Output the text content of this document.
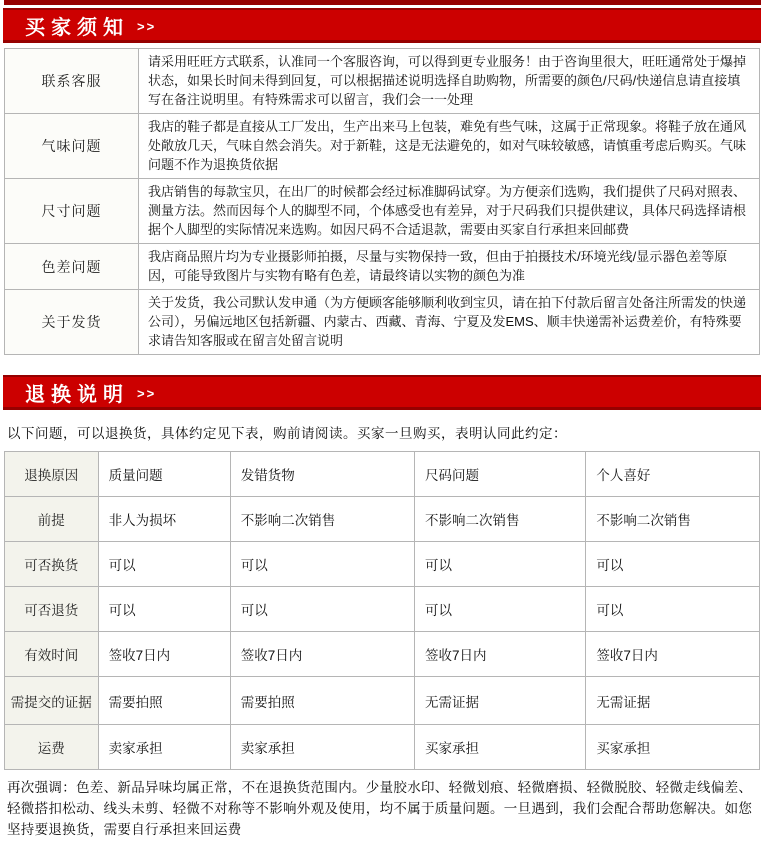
买家须知 >>
联系客服	请采用旺旺方式联系，认准同一个客服咨询，可以得到更专业服务！由于咨询里很大，旺旺通常处于爆掉状态，如果长时间未得到回复，可以根据描述说明选择自助购物，所需要的颜色/尺码/快递信息请直接填写在备注说明里。有特殊需求可以留言，我们会一一处理
气味问题	我店的鞋子都是直接从工厂发出，生产出来马上包装，难免有些气味，这属于正常现象。将鞋子放在通风处敞放几天，气味自然会消失。对于新鞋，这是无法避免的，如对气味较敏感，请慎重考虑后购买。气味问题不作为退换货依据
尺寸问题	我店销售的每款宝贝，在出厂的时候都会经过标准脚码试穿。为方便亲们选购，我们提供了尺码对照表、测量方法。然而因每个人的脚型不同，个体感受也有差异，对于尺码我们只提供建议，具体尺码选择请根据个人脚型的实际情况来选购。如因尺码不合适退款，需要由买家自行承担来回邮费
色差问题	我店商品照片均为专业摄影师拍摄，尽量与实物保持一致，但由于拍摄技术/环境光线/显示器色差等原因，可能导致图片与实物有略有色差，请最终请以实物的颜色为准
关于发货	关于发货，我公司默认发申通（为方便顾客能够顺利收到宝贝，请在拍下付款后留言处备注所需发的快递公司），另偏远地区包括新疆、内蒙古、西藏、青海、宁夏及发EMS、顺丰快递需补运费差价，有特殊要求请告知客服或在留言处留言说明
退换说明 >>
以下问题，可以退换货，具体约定见下表，购前请阅读。买家一旦购买，表明认同此约定：
退换原因	质量问题	发错货物	尺码问题	个人喜好
前提	非人为损坏	不影响二次销售	不影响二次销售	不影响二次销售
可否换货	可以	可以	可以	可以
可否退货	可以	可以	可以	可以
有效时间	签收7日内	签收7日内	签收7日内	签收7日内
需提交的证据	需要拍照	需要拍照	无需证据	无需证据
运费	卖家承担	卖家承担	买家承担	买家承担
再次强调：色差、新品异味均属正常，不在退换货范围内。少量胶水印、轻微划痕、轻微磨损、轻微脱胶、轻微走线偏差、轻微搭扣松动、线头未剪、轻微不对称等不影响外观及使用，均不属于质量问题。一旦遇到，我们会配合帮助您解决。如您坚持要退换货，需要自行承担来回运费
